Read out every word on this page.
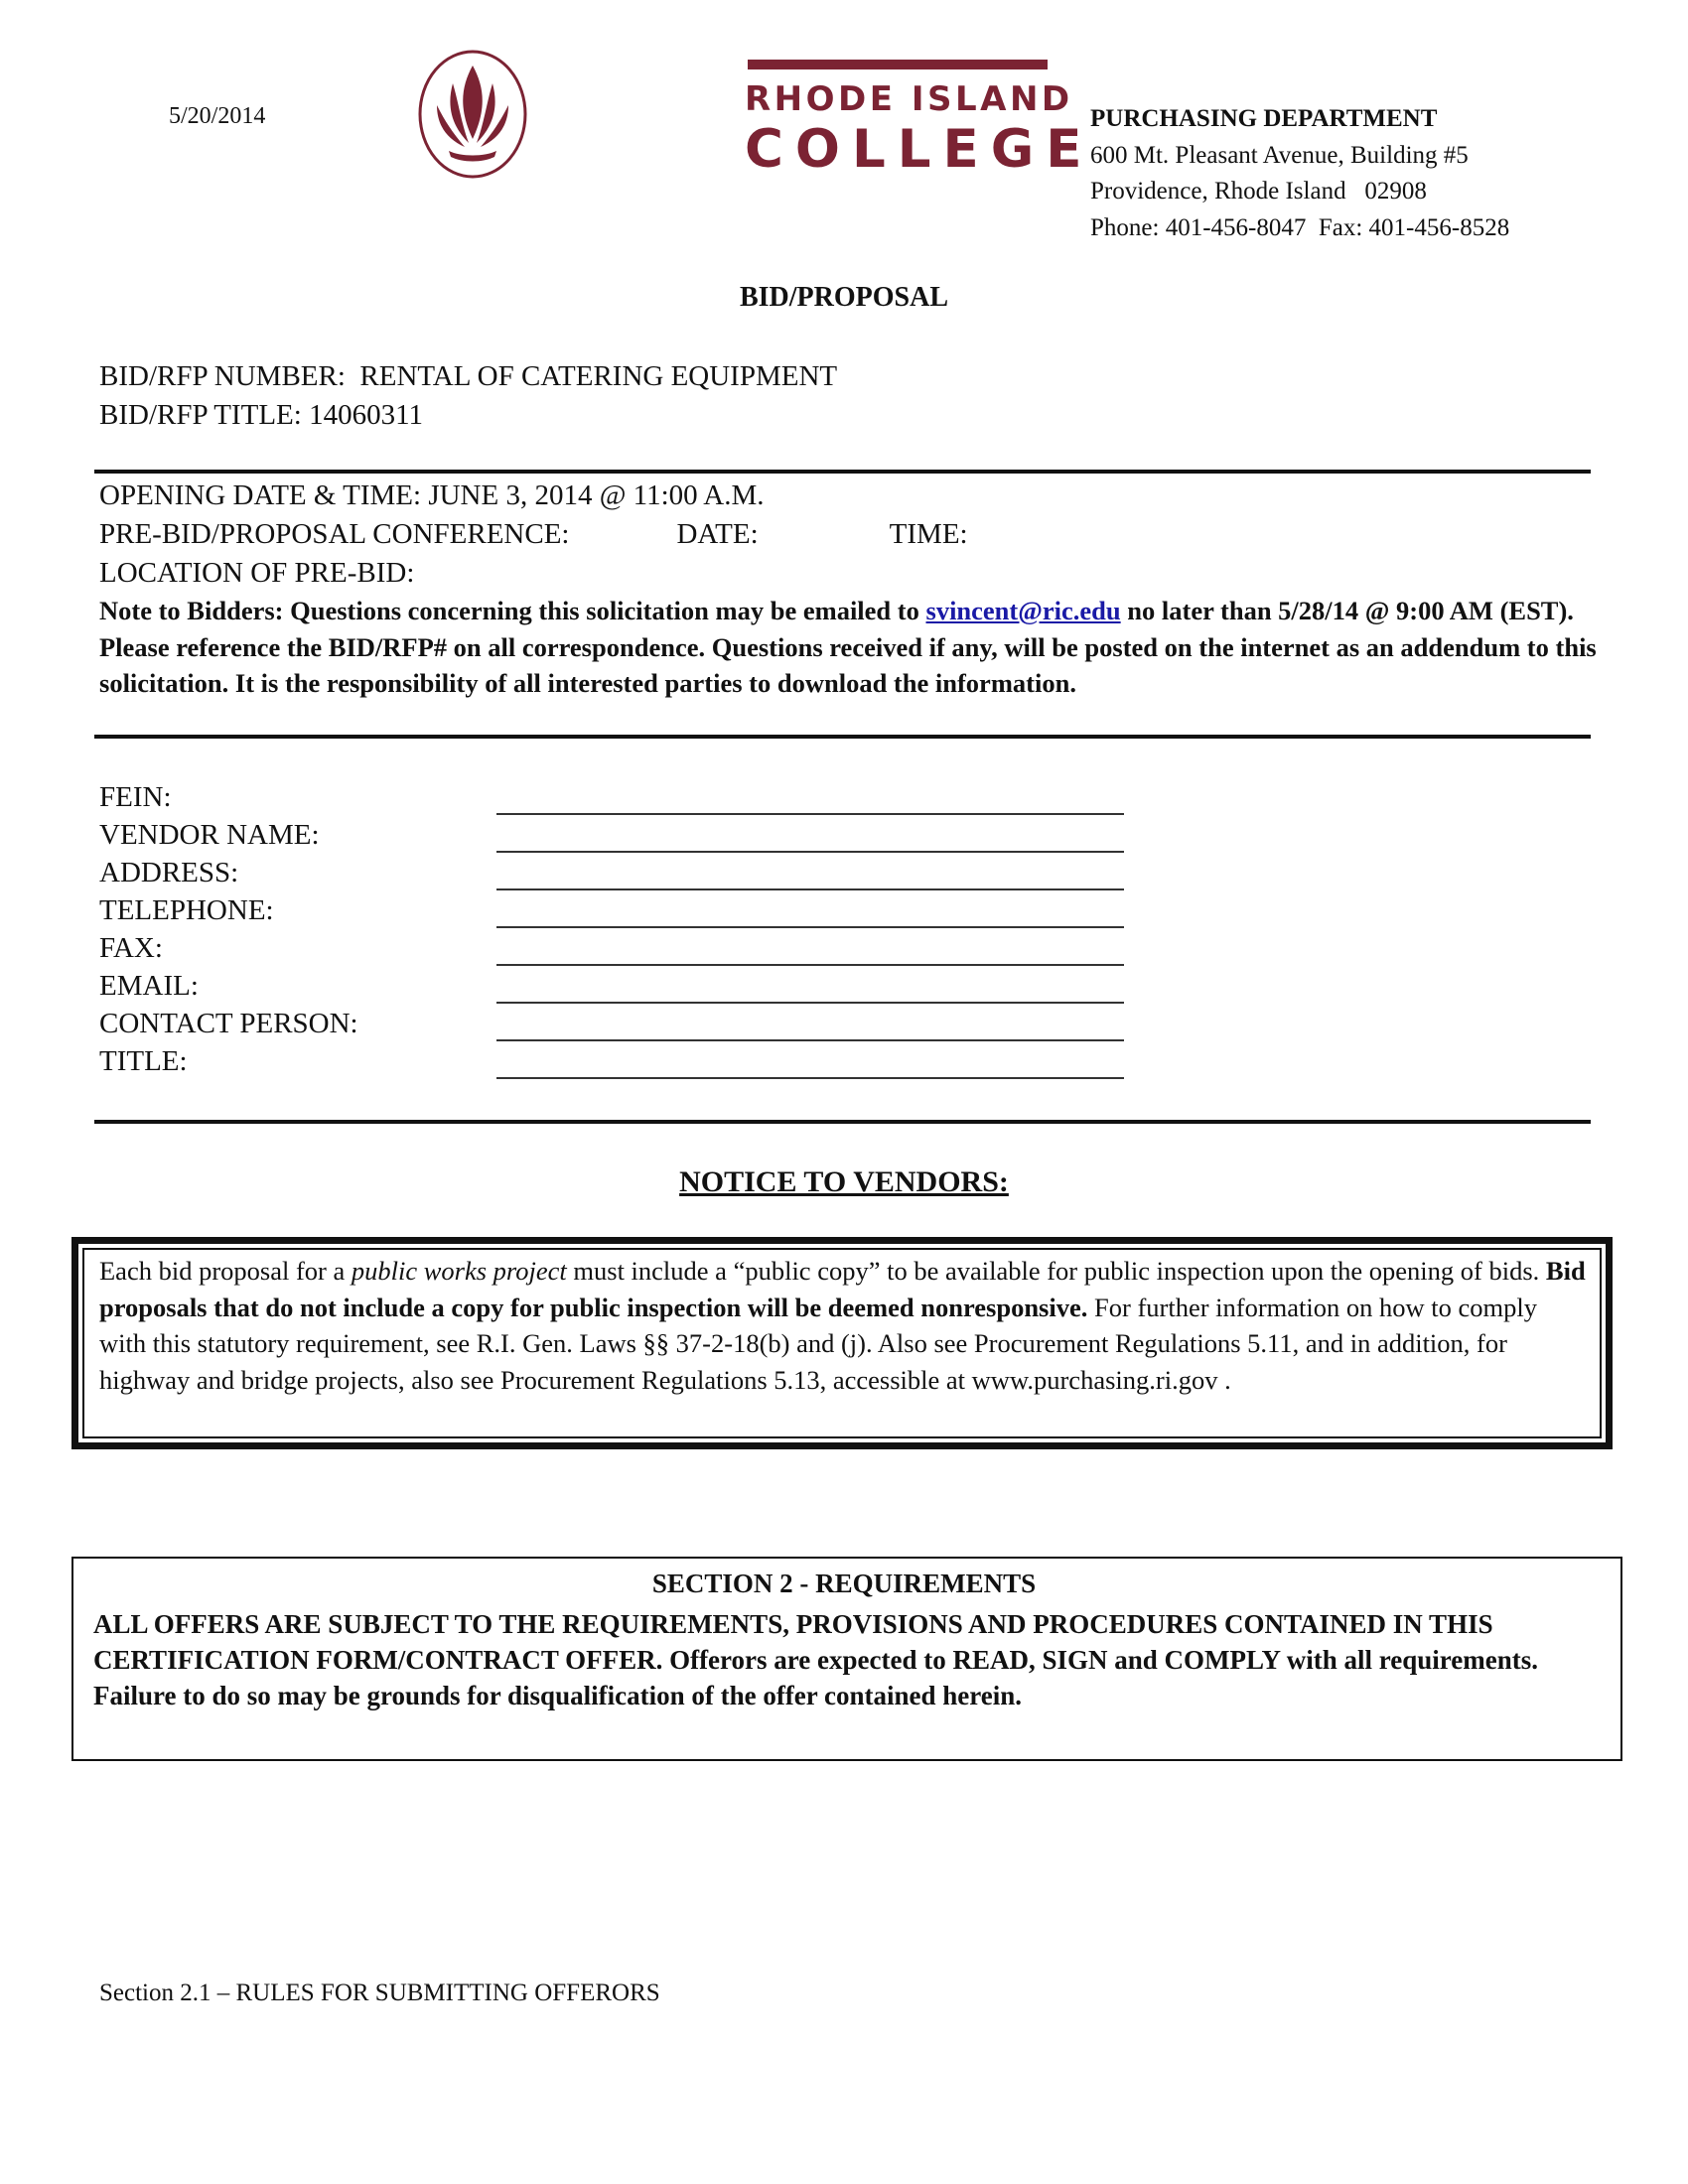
5/20/2014	RHODE ISLAND
COLLEGE
PURCHASING DEPARTMENT
600 Mt. Pleasant Avenue, Building #5
Providence, Rhode Island   02908
Phone: 401-456-8047  Fax: 401-456-8528
BID/PROPOSAL
BID/RFP NUMBER:  RENTAL OF CATERING EQUIPMENT
BID/RFP TITLE: 14060311
OPENING DATE & TIME: JUNE 3, 2014 @ 11:00 A.M.
PRE-BID/PROPOSAL CONFERENCE:	DATE:	TIME:
LOCATION OF PRE-BID:
Note to Bidders: Questions concerning this solicitation may be emailed to svincent@ric.edu no later than 5/28/14 @ 9:00 AM (EST). Please reference the BID/RFP# on all correspondence. Questions received if any, will be posted on the internet as an addendum to this solicitation. It is the responsibility of all interested parties to download the information.
FEIN:
VENDOR NAME:
ADDRESS:
TELEPHONE:
FAX:
EMAIL:
CONTACT PERSON:
TITLE:
NOTICE TO VENDORS:
Each bid proposal for a public works project must include a “public copy” to be available for public inspection upon the opening of bids. Bid proposals that do not include a copy for public inspection will be deemed nonresponsive. For further information on how to comply with this statutory requirement, see R.I. Gen. Laws §§ 37-2-18(b) and (j). Also see Procurement Regulations 5.11, and in addition, for highway and bridge projects, also see Procurement Regulations 5.13, accessible at www.purchasing.ri.gov .
SECTION 2 - REQUIREMENTS
ALL OFFERS ARE SUBJECT TO THE REQUIREMENTS, PROVISIONS AND PROCEDURES CONTAINED IN THIS CERTIFICATION FORM/CONTRACT OFFER. Offerors are expected to READ, SIGN and COMPLY with all requirements. Failure to do so may be grounds for disqualification of the offer contained herein.
Section 2.1 – RULES FOR SUBMITTING OFFERORS
